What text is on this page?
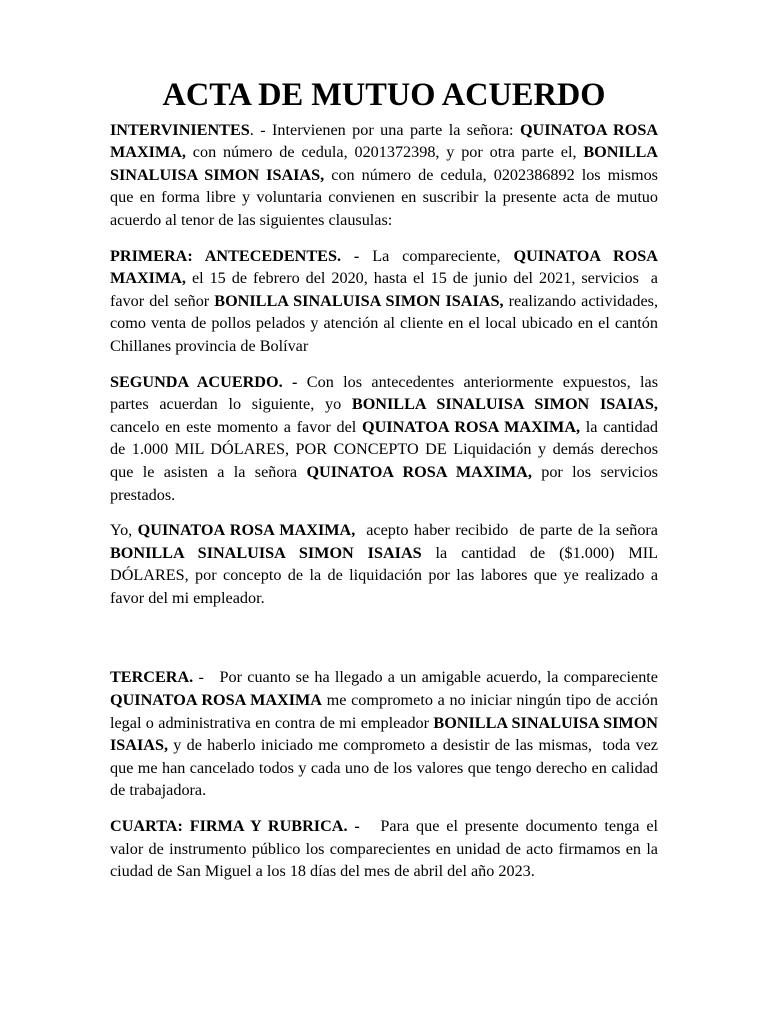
ACTA DE MUTUO ACUERDO
INTERVINIENTES. - Intervienen por una parte la señora: QUINATOA ROSA MAXIMA, con número de cedula, 0201372398, y por otra parte el, BONILLA SINALUISA SIMON ISAIAS, con número de cedula, 0202386892 los mismos que en forma libre y voluntaria convienen en suscribir la presente acta de mutuo acuerdo al tenor de las siguientes clausulas:
PRIMERA: ANTECEDENTES. - La compareciente, QUINATOA ROSA MAXIMA, el 15 de febrero del 2020, hasta el 15 de junio del 2021, servicios  a favor del señor BONILLA SINALUISA SIMON ISAIAS, realizando actividades, como venta de pollos pelados y atención al cliente en el local ubicado en el cantón Chillanes provincia de Bolívar
SEGUNDA ACUERDO. - Con los antecedentes anteriormente expuestos, las partes acuerdan lo siguiente, yo BONILLA SINALUISA SIMON ISAIAS, cancelo en este momento a favor del QUINATOA ROSA MAXIMA, la cantidad de 1.000 MIL DÓLARES, POR CONCEPTO DE Liquidación y demás derechos que le asisten a la señora QUINATOA ROSA MAXIMA, por los servicios prestados.
Yo, QUINATOA ROSA MAXIMA,  acepto haber recibido  de parte de la señora BONILLA SINALUISA SIMON ISAIAS la cantidad de ($1.000) MIL DÓLARES, por concepto de la de liquidación por las labores que ye realizado a favor del mi empleador.
TERCERA. -   Por cuanto se ha llegado a un amigable acuerdo, la compareciente QUINATOA ROSA MAXIMA me comprometo a no iniciar ningún tipo de acción legal o administrativa en contra de mi empleador BONILLA SINALUISA SIMON ISAIAS, y de haberlo iniciado me comprometo a desistir de las mismas,  toda vez que me han cancelado todos y cada uno de los valores que tengo derecho en calidad de trabajadora.
CUARTA: FIRMA Y RUBRICA. -   Para que el presente documento tenga el valor de instrumento público los comparecientes en unidad de acto firmamos en la ciudad de San Miguel a los 18 días del mes de abril del año 2023.
